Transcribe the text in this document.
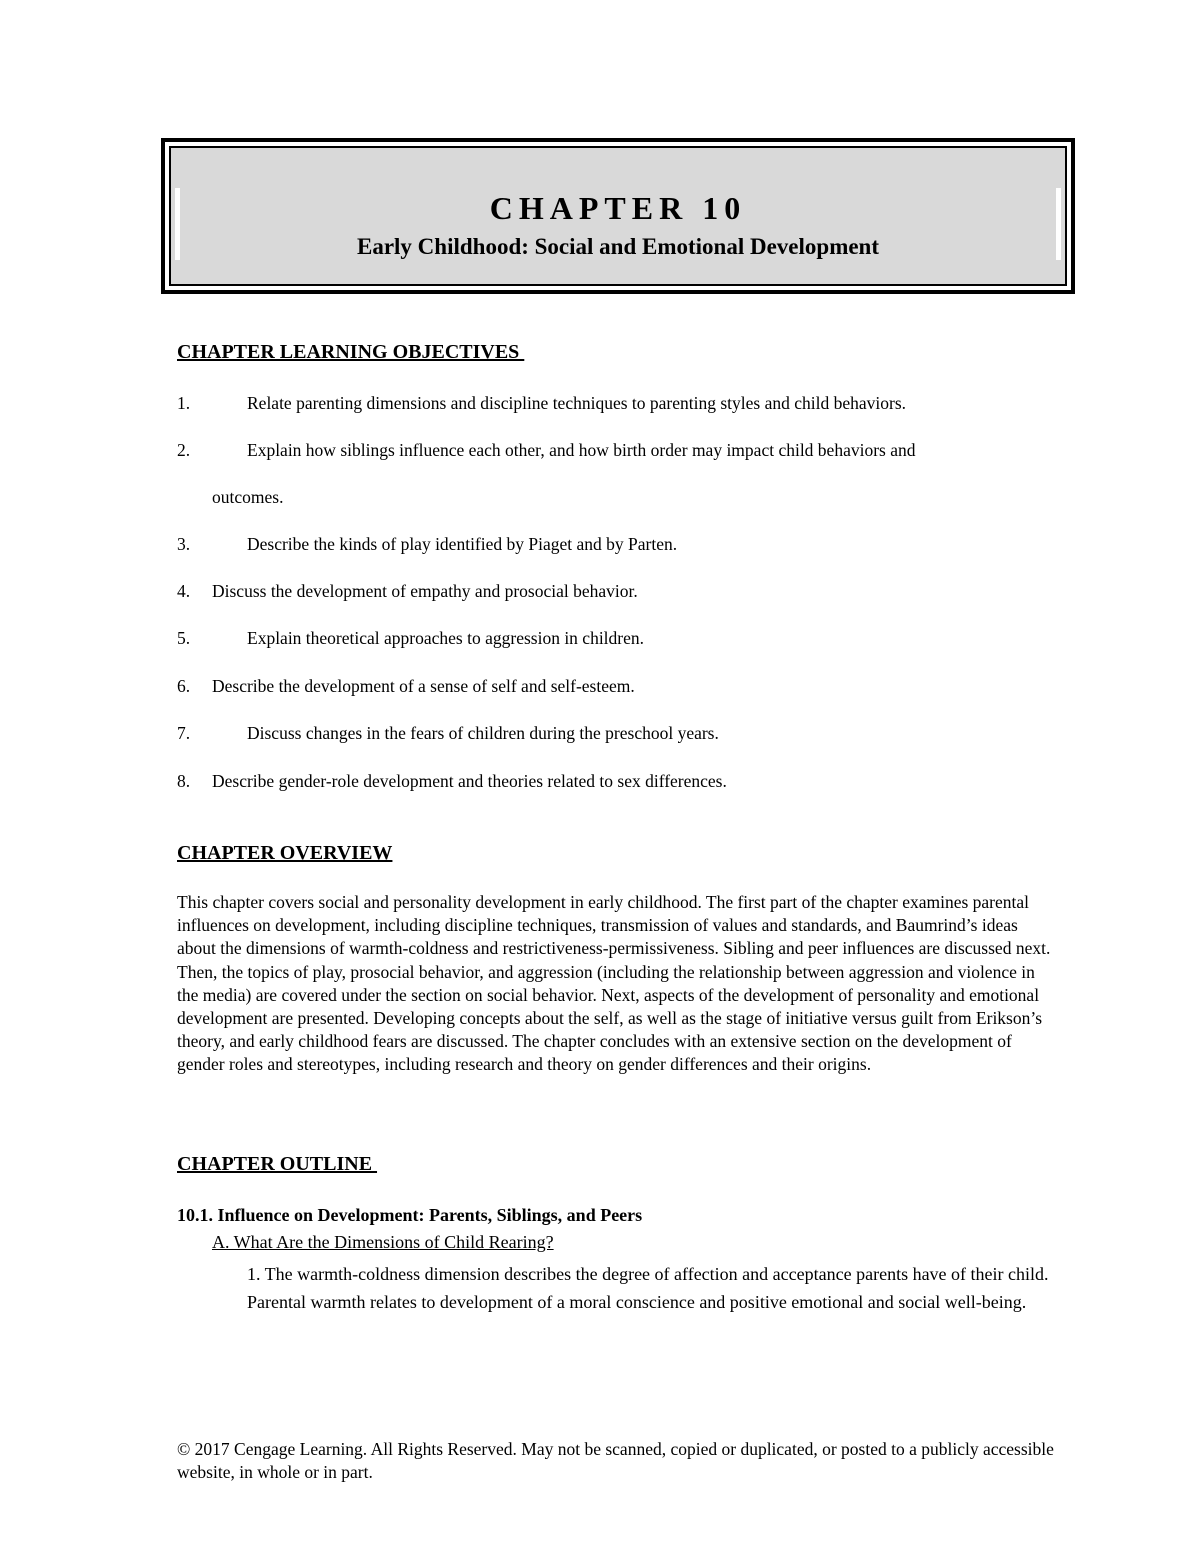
CHAPTER 10
Early Childhood: Social and Emotional Development
CHAPTER LEARNING OBJECTIVES
1.	Relate parenting dimensions and discipline techniques to parenting styles and child behaviors.
2.	Explain how siblings influence each other, and how birth order may impact child behaviors and
outcomes.
3.	Describe the kinds of play identified by Piaget and by Parten.
4. Discuss the development of empathy and prosocial behavior.
5.	Explain theoretical approaches to aggression in children.
6. Describe the development of a sense of self and self-esteem.
7.	Discuss changes in the fears of children during the preschool years.
8. Describe gender-role development and theories related to sex differences.
CHAPTER OVERVIEW
This chapter covers social and personality development in early childhood. The first part of the chapter examines parental influences on development, including discipline techniques, transmission of values and standards, and Baumrind’s ideas about the dimensions of warmth-coldness and restrictiveness-permissiveness. Sibling and peer influences are discussed next. Then, the topics of play, prosocial behavior, and aggression (including the relationship between aggression and violence in the media) are covered under the section on social behavior. Next, aspects of the development of personality and emotional development are presented. Developing concepts about the self, as well as the stage of initiative versus guilt from Erikson’s theory, and early childhood fears are discussed. The chapter concludes with an extensive section on the development of gender roles and stereotypes, including research and theory on gender differences and their origins.
CHAPTER OUTLINE
10.1. Influence on Development: Parents, Siblings, and Peers
A. What Are the Dimensions of Child Rearing?
1. The warmth-coldness dimension describes the degree of affection and acceptance parents have of their child. Parental warmth relates to development of a moral conscience and positive emotional and social well-being.
© 2017 Cengage Learning. All Rights Reserved. May not be scanned, copied or duplicated, or posted to a publicly accessible website, in whole or in part.
